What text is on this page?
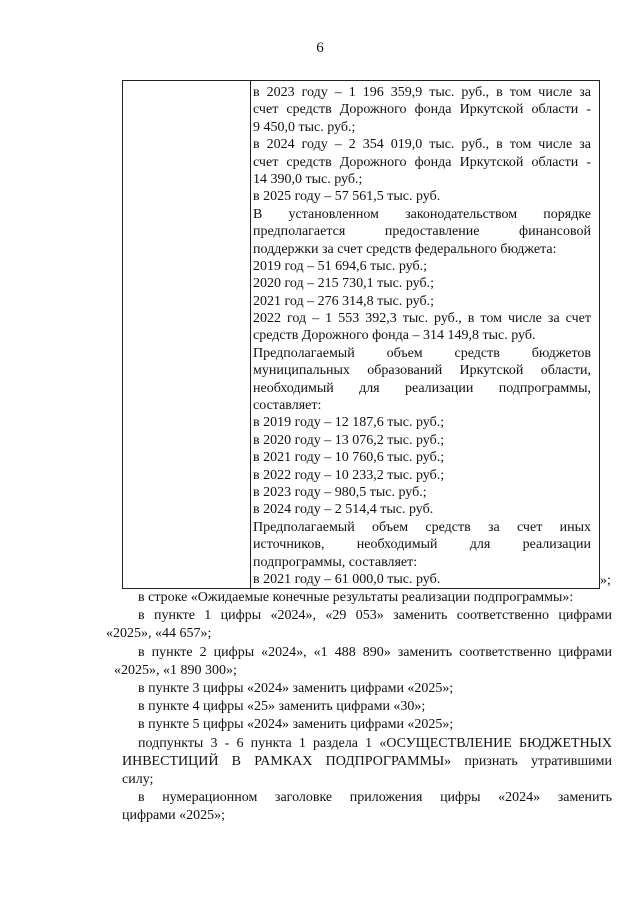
6
в 2023 году – 1 196 359,9 тыс. руб., в том числе за
счет средств Дорожного фонда Иркутской области -
9 450,0 тыс. руб.;
в 2024 году – 2 354 019,0 тыс. руб., в том числе за
счет средств Дорожного фонда Иркутской области -
14 390,0 тыс. руб.;
в 2025 году – 57 561,5 тыс. руб.
В установленном законодательством порядке
предполагается предоставление финансовой
поддержки за счет средств федерального бюджета:
2019 год – 51 694,6 тыс. руб.;
2020 год – 215 730,1 тыс. руб.;
2021 год – 276 314,8 тыс. руб.;
2022 год – 1 553 392,3 тыс. руб., в том числе за счет
средств Дорожного фонда – 314 149,8 тыс. руб.
Предполагаемый объем средств бюджетов
муниципальных образований Иркутской области,
необходимый для реализации подпрограммы,
составляет:
в 2019 году – 12 187,6 тыс. руб.;
в 2020 году – 13 076,2 тыс. руб.;
в 2021 году – 10 760,6 тыс. руб.;
в 2022 году – 10 233,2 тыс. руб.;
в 2023 году – 980,5 тыс. руб.;
в 2024 году – 2 514,4 тыс. руб.
Предполагаемый объем средств за счет иных
источников, необходимый для реализации
подпрограммы, составляет:
в 2021 году – 61 000,0 тыс. руб.	»;
в строке «Ожидаемые конечные результаты реализации подпрограммы»:
в пункте 1 цифры «2024», «29 053» заменить соответственно цифрами
«2025», «44 657»;
в пункте 2 цифры «2024», «1 488 890» заменить соответственно цифрами
«2025», «1 890 300»;
в пункте 3 цифры «2024» заменить цифрами «2025»;
в пункте 4 цифры «25» заменить цифрами «30»;
в пункте 5 цифры «2024» заменить цифрами «2025»;
подпункты 3 - 6 пункта 1 раздела 1 «ОСУЩЕСТВЛЕНИЕ БЮДЖЕТНЫХ
ИНВЕСТИЦИЙ В РАМКАХ ПОДПРОГРАММЫ» признать утратившими
силу;
в нумерационном заголовке приложения цифры «2024» заменить
цифрами «2025»;
